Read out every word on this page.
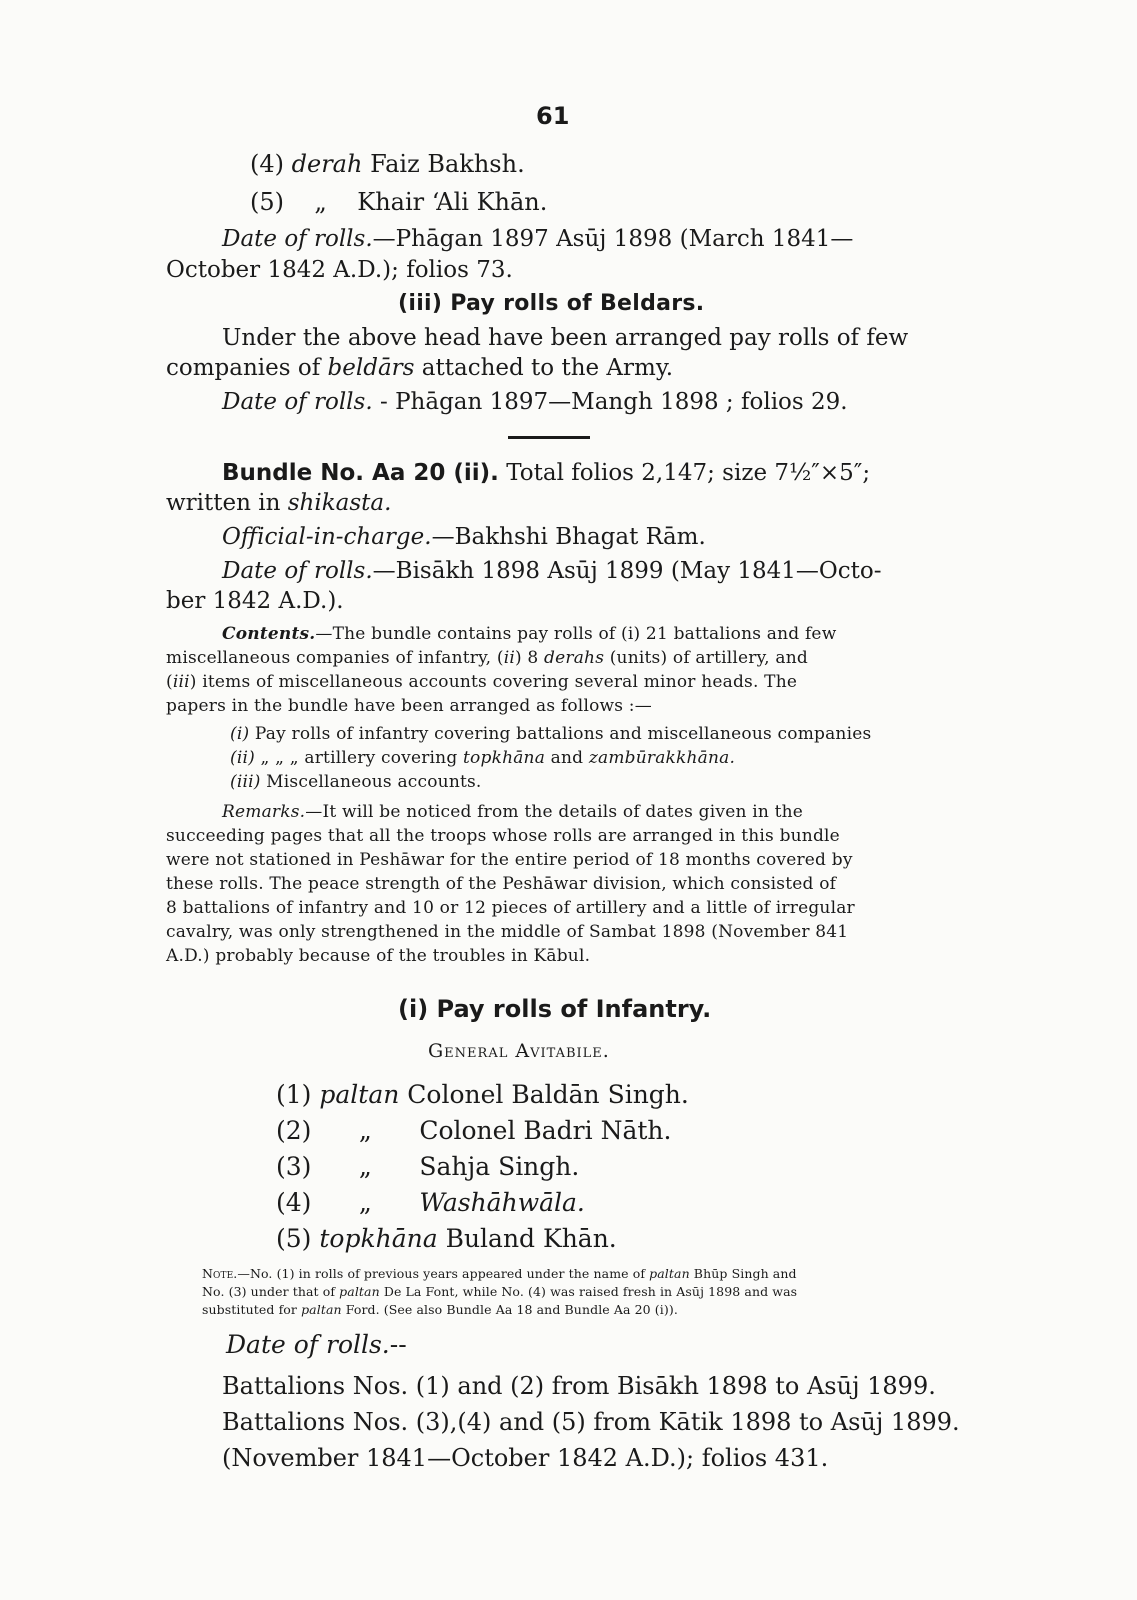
61
(4) derah Faiz Bakhsh.
(5) „ Khair ‘Ali Khān.
Date of rolls.—Phāgan 1897 Asūj 1898 (March 1841—
October 1842 A.D.); folios 73.
(iii) Pay rolls of Beldars.
Under the above head have been arranged pay rolls of few
companies of beldārs attached to the Army.
Date of rolls. - Phāgan 1897—Mangh 1898 ; folios 29.
Bundle No. Aa 20 (ii). Total folios 2,147; size 7½″×5″;
written in shikasta.
Official-in-charge.—Bakhshi Bhagat Rām.
Date of rolls.—Bisākh 1898 Asūj 1899 (May 1841—Octo-
ber 1842 A.D.).
Contents.—The bundle contains pay rolls of (i) 21 battalions and few
miscellaneous companies of infantry, (ii) 8 derahs (units) of artillery, and
(iii) items of miscellaneous accounts covering several minor heads. The
papers in the bundle have been arranged as follows :—
(i) Pay rolls of infantry covering battalions and miscellaneous companies
(ii) „ „ „ artillery covering topkhāna and zambūrakkhāna.
(iii) Miscellaneous accounts.
Remarks.—It will be noticed from the details of dates given in the
succeeding pages that all the troops whose rolls are arranged in this bundle
were not stationed in Peshāwar for the entire period of 18 months covered by
these rolls. The peace strength of the Peshāwar division, which consisted of
8 battalions of infantry and 10 or 12 pieces of artillery and a little of irregular
cavalry, was only strengthened in the middle of Sambat 1898 (November 841
A.D.) probably because of the troubles in Kābul.
(i) Pay rolls of Infantry.
General Avitabile.
(1) paltan Colonel Baldān Singh.
(2) „ Colonel Badri Nāth.
(3) „ Sahja Singh.
(4) „ Washāhwāla.
(5) topkhāna Buland Khān.
Note.—No. (1) in rolls of previous years appeared under the name of paltan Bhūp Singh and
No. (3) under that of paltan De La Font, while No. (4) was raised fresh in Asūj 1898 and was
substituted for paltan Ford. (See also Bundle Aa 18 and Bundle Aa 20 (i)).
Date of rolls.--
Battalions Nos. (1) and (2) from Bisākh 1898 to Asūj 1899.
Battalions Nos. (3),(4) and (5) from Kātik 1898 to Asūj 1899.
(November 1841—October 1842 A.D.); folios 431.
